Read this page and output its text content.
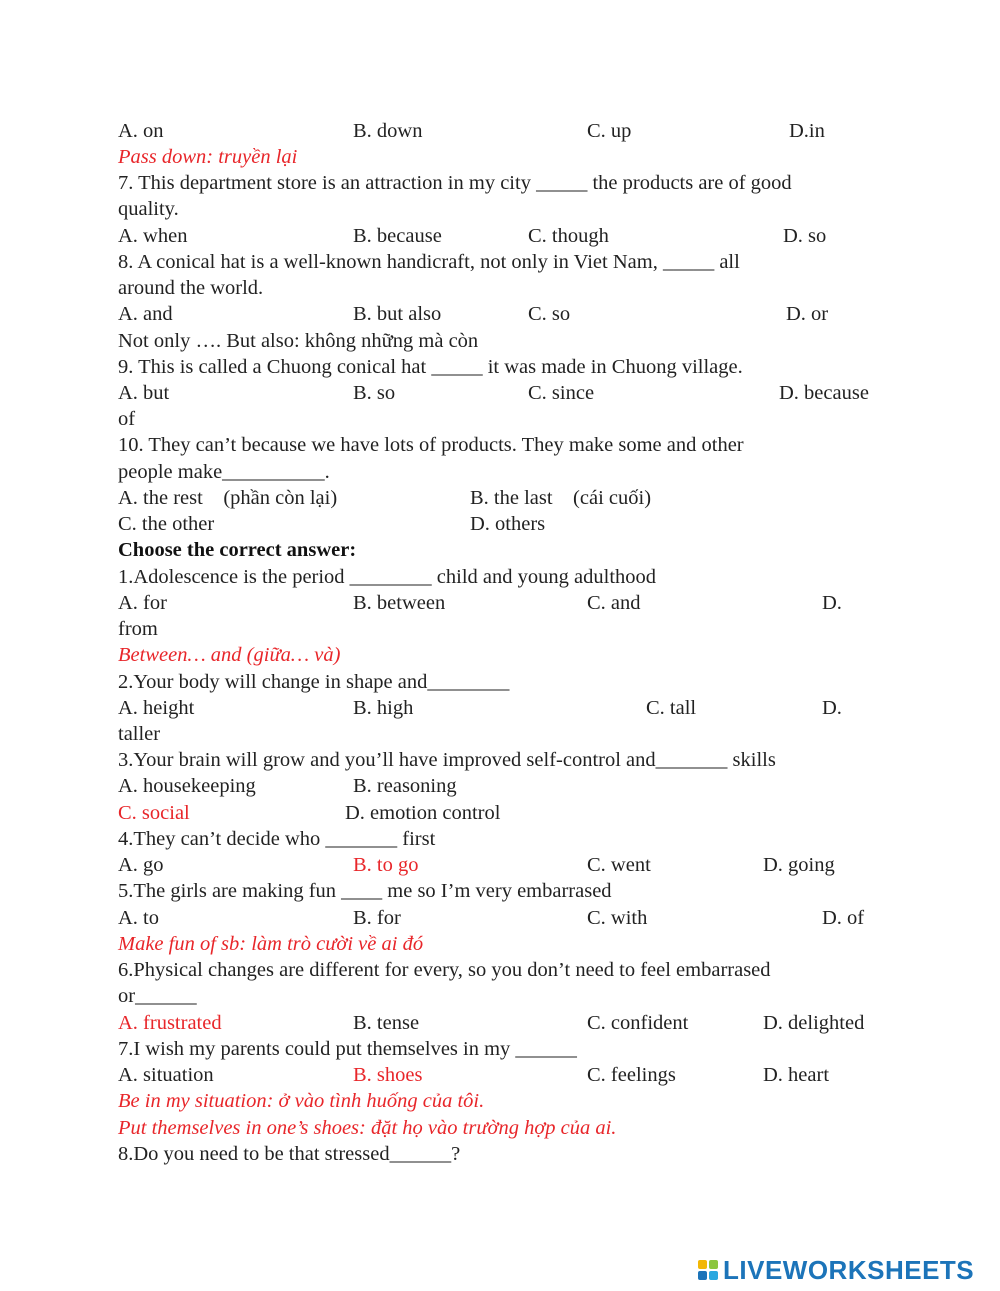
A. on	B. down	C. up	D.in
Pass down: truyền lại
7. This department store is an attraction in my city _____ the products are of good
quality.
A. when	B. because	C. though	D. so
8. A conical hat is a well-known handicraft, not only in Viet Nam, _____ all
around the world.
A. and	B. but also	C. so	D. or
Not only …. But also: không những mà còn
9. This is called a Chuong conical hat _____ it was made in Chuong village.
A. but	B. so	C. since	D. because
of
10. They can’t because we have lots of products. They make some and other
people make__________.
A. the rest    (phần còn lại)	B. the last    (cái cuối)
C. the other	D. others
Choose the correct answer:
1.Adolescence is the period ________ child and young adulthood
A. for	B. between	C. and	D.
from
Between… and (giữa… và)
2.Your body will change in shape and________
A. height	B. high	C. tall	D.
taller
3.Your brain will grow and you’ll have improved self-control and_______ skills
A. housekeeping	B. reasoning
C. social	D. emotion control
4.They can’t decide who _______ first
A. go	B. to go	C. went	D. going
5.The girls are making fun ____ me so I’m very embarrased
A. to	B. for	C. with	D. of
Make fun of sb: làm trò cười về ai đó
6.Physical changes are different for every, so you don’t need to feel embarrased
or______
A. frustrated	B. tense	C. confident	D. delighted
7.I wish my parents could put themselves in my ______
A. situation	B. shoes	C. feelings	D. heart
Be in my situation: ở vào tình huống của tôi.
Put themselves in one’s shoes: đặt họ vào trường hợp của ai.
8.Do you need to be that stressed______?
LIVEWORKSHEETS
